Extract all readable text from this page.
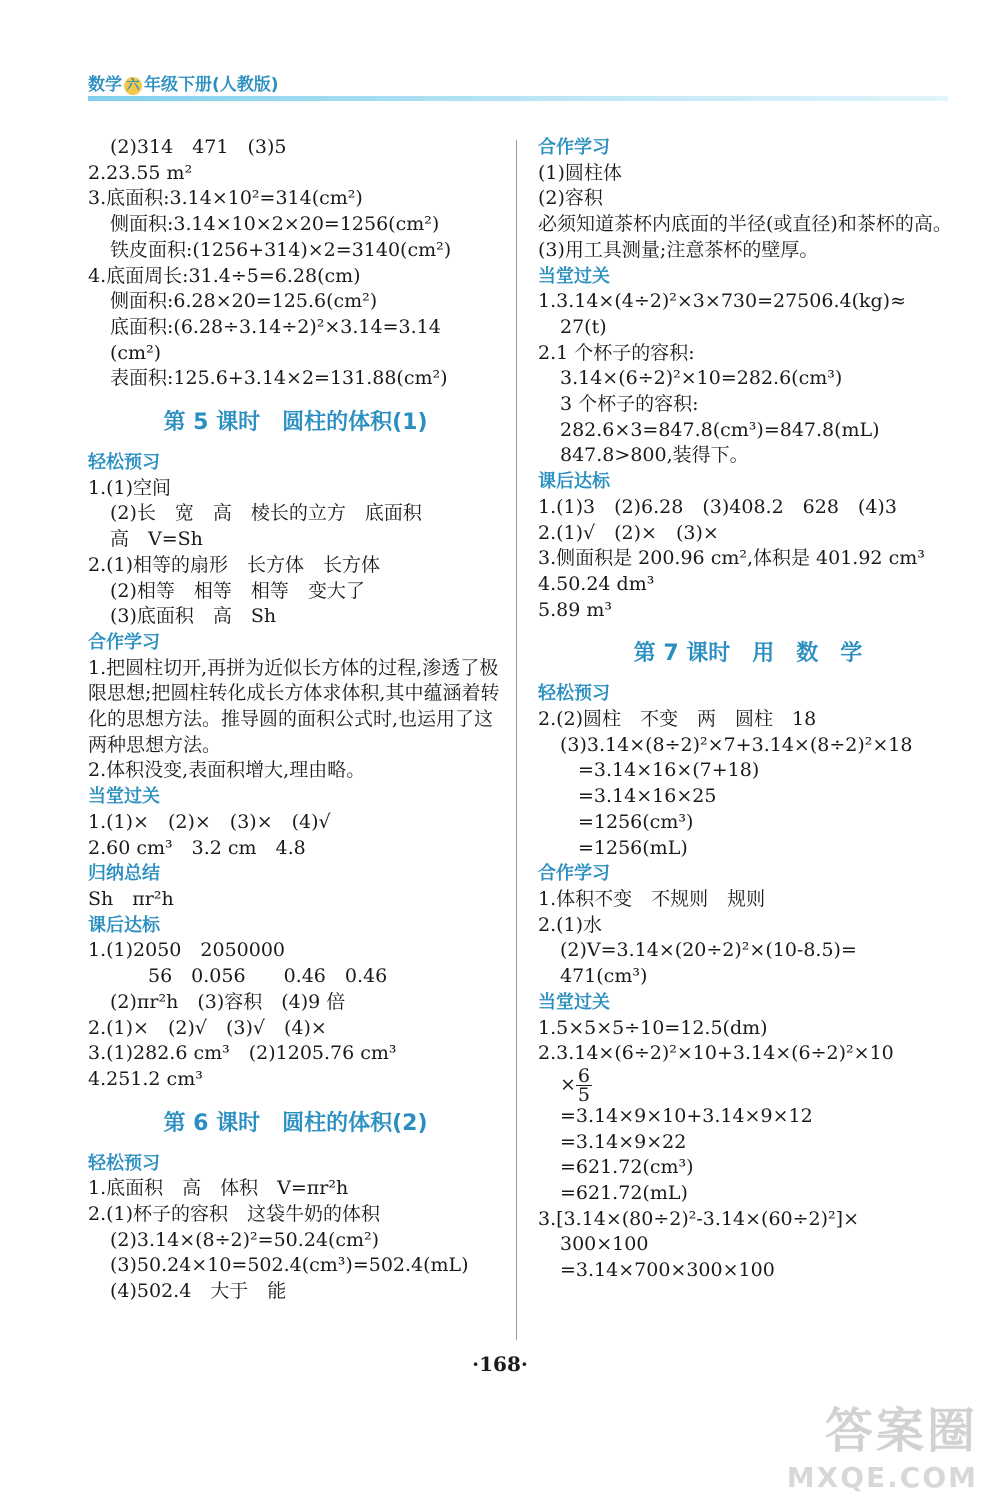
数学 六 年级下册(人教版)
(2)314　471　(3)5
2.23.55 m²
3.底面积:3.14×10²=314(cm²)
侧面积:3.14×10×2×20=1256(cm²)
铁皮面积:(1256+314)×2=3140(cm²)
4.底面周长:31.4÷5=6.28(cm)
侧面积:6.28×20=125.6(cm²)
底面积:(6.28÷3.14÷2)²×3.14=3.14
(cm²)
表面积:125.6+3.14×2=131.88(cm²)
第 5 课时　圆柱的体积(1)
轻松预习
1.(1)空间
(2)长　宽　高　棱长的立方　底面积
高　V=Sh
2.(1)相等的扇形　长方体　长方体
(2)相等　相等　相等　变大了
(3)底面积　高　Sh
合作学习
1.把圆柱切开,再拼为近似长方体的过程,渗透了极限思想;把圆柱转化成长方体求体积,其中蕴涵着转化的思想方法。推导圆的面积公式时,也运用了这两种思想方法。
2.体积没变,表面积增大,理由略。
当堂过关
1.(1)×　(2)×　(3)×　(4)√
2.60 cm³　3.2 cm　4.8
归纳总结
Sh　πr²h
课后达标
1.(1)2050　2050000
56　0.056　　0.46　0.46
(2)πr²h　(3)容积　(4)9 倍
2.(1)×　(2)√　(3)√　(4)×
3.(1)282.6 cm³　(2)1205.76 cm³
4.251.2 cm³
第 6 课时　圆柱的体积(2)
轻松预习
1.底面积　高　体积　V=πr²h
2.(1)杯子的容积　这袋牛奶的体积
(2)3.14×(8÷2)²=50.24(cm²)
(3)50.24×10=502.4(cm³)=502.4(mL)
(4)502.4　大于　能
合作学习
(1)圆柱体
(2)容积
必须知道茶杯内底面的半径(或直径)和茶杯的高。
(3)用工具测量;注意茶杯的壁厚。
当堂过关
1.3.14×(4÷2)²×3×730=27506.4(kg)≈
27(t)
2.1 个杯子的容积:
3.14×(6÷2)²×10=282.6(cm³)
3 个杯子的容积:
282.6×3=847.8(cm³)=847.8(mL)
847.8>800,装得下。
课后达标
1.(1)3　(2)6.28　(3)408.2　628　(4)3
2.(1)√　(2)×　(3)×
3.侧面积是 200.96 cm²,体积是 401.92 cm³
4.50.24 dm³
5.89 m³
第 7 课时　用　数　学
轻松预习
2.(2)圆柱　不变　两　圆柱　18
(3)3.14×(8÷2)²×7+3.14×(8÷2)²×18
=3.14×16×(7+18)
=3.14×16×25
=1256(cm³)
=1256(mL)
合作学习
1.体积不变　不规则　规则
2.(1)水
(2)V=3.14×(20÷2)²×(10-8.5)=
471(cm³)
当堂过关
1.5×5×5÷10=12.5(dm)
2.3.14×(6÷2)²×10+3.14×(6÷2)²×10
× $\frac{6}{5}$
=3.14×9×10+3.14×9×12
=3.14×9×22
=621.72(cm³)
=621.72(mL)
3.[3.14×(80÷2)²-3.14×(60÷2)²]×
300×100
=3.14×700×300×100
·168·
答案圈
MXQE.COM
